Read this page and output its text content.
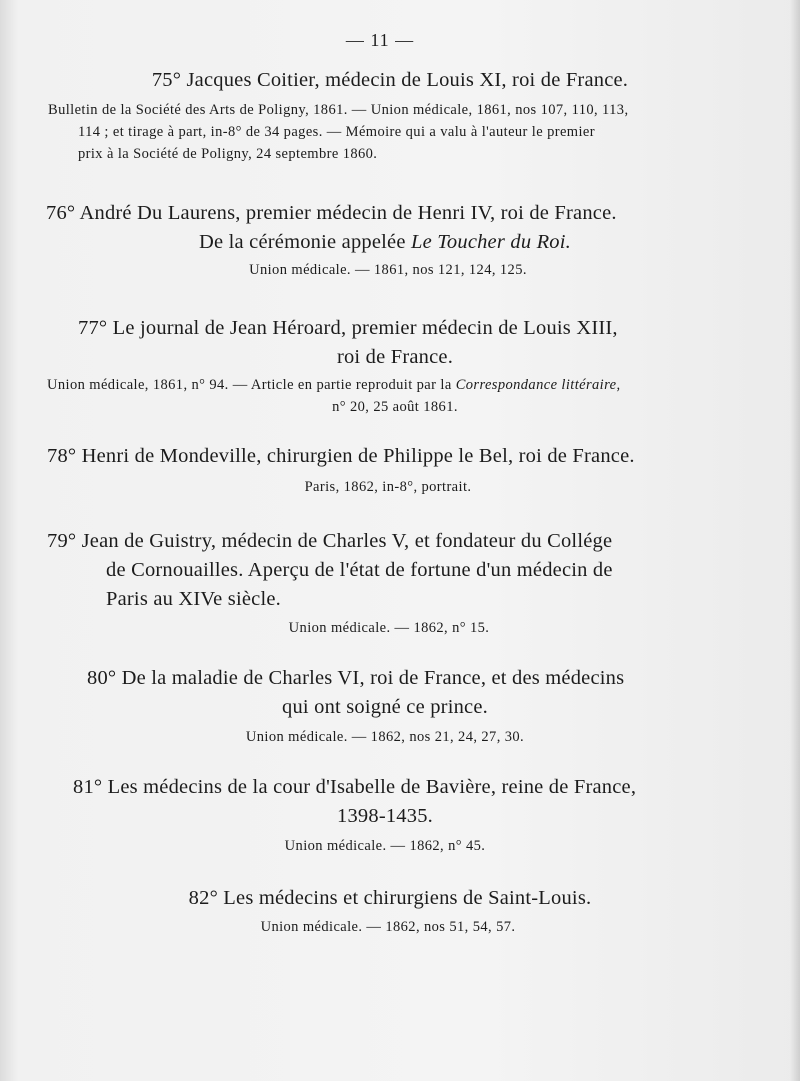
— 11 —
75° Jacques Coitier, médecin de Louis XI, roi de France.
Bulletin de la Société des Arts de Poligny, 1861. — Union médicale, 1861, nos 107, 110, 113,
114 ; et tirage à part, in-8° de 34 pages. — Mémoire qui a valu à l'auteur le premier
prix à la Société de Poligny, 24 septembre 1860.
76° André Du Laurens, premier médecin de Henri IV, roi de France.
De la cérémonie appelée Le Toucher du Roi.
Union médicale. — 1861, nos 121, 124, 125.
77° Le journal de Jean Héroard, premier médecin de Louis XIII,
roi de France.
Union médicale, 1861, n° 94. — Article en partie reproduit par la Correspondance littéraire,
n° 20, 25 août 1861.
78° Henri de Mondeville, chirurgien de Philippe le Bel, roi de France.
Paris, 1862, in-8°, portrait.
79° Jean de Guistry, médecin de Charles V, et fondateur du Collége
de Cornouailles. Aperçu de l'état de fortune d'un médecin de
Paris au XIVe siècle.
Union médicale. — 1862, n° 15.
80° De la maladie de Charles VI, roi de France, et des médecins
qui ont soigné ce prince.
Union médicale. — 1862, nos 21, 24, 27, 30.
81° Les médecins de la cour d'Isabelle de Bavière, reine de France,
1398-1435.
Union médicale. — 1862, n° 45.
82° Les médecins et chirurgiens de Saint-Louis.
Union médicale. — 1862, nos 51, 54, 57.
